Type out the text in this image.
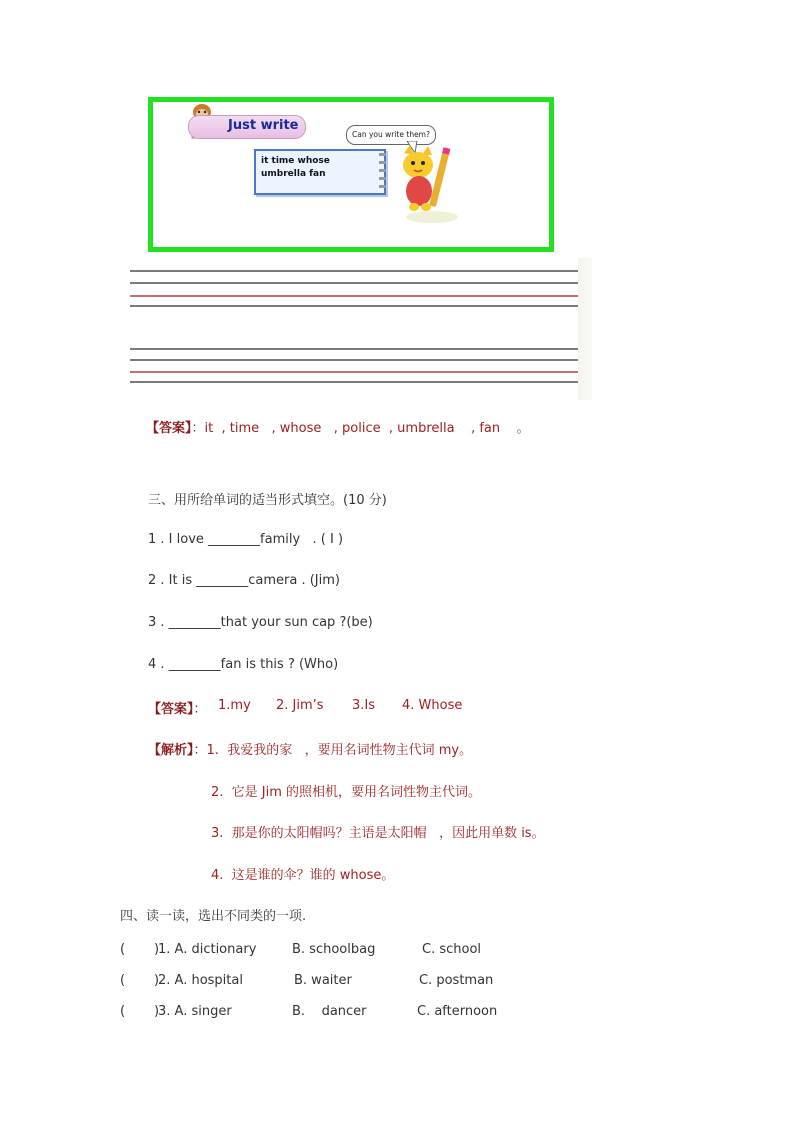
Just write
Can you write them?
it time whose
umbrella fan
【答案】：it  , time   , whose   , police  , umbrella    , fan    。
三、用所给单词的适当形式填空。(10 分)
1 . I love ________family   . ( I )
2 . It is ________camera . (Jim)
3 . ________that your sun cap ?(be)
4 . ________fan is this ? (Who)
【答案】： 1.my 2. Jim’s 3.Is 4. Whose
【解析】：1.  我爱我的家   ，要用名词性物主代词 my。
2.  它是 Jim 的照相机，要用名词性物主代词。
3.  那是你的太阳帽吗？主语是太阳帽   ，因此用单数 is。
4.  这是谁的伞？谁的 whose。
四、读一读，选出不同类的一项.
(       )
1. A. dictionary	B. schoolbag	C. school
(       )
2. A. hospital	B. waiter	C. postman
(       )
3. A. singer	B.    dancer	C. afternoon
